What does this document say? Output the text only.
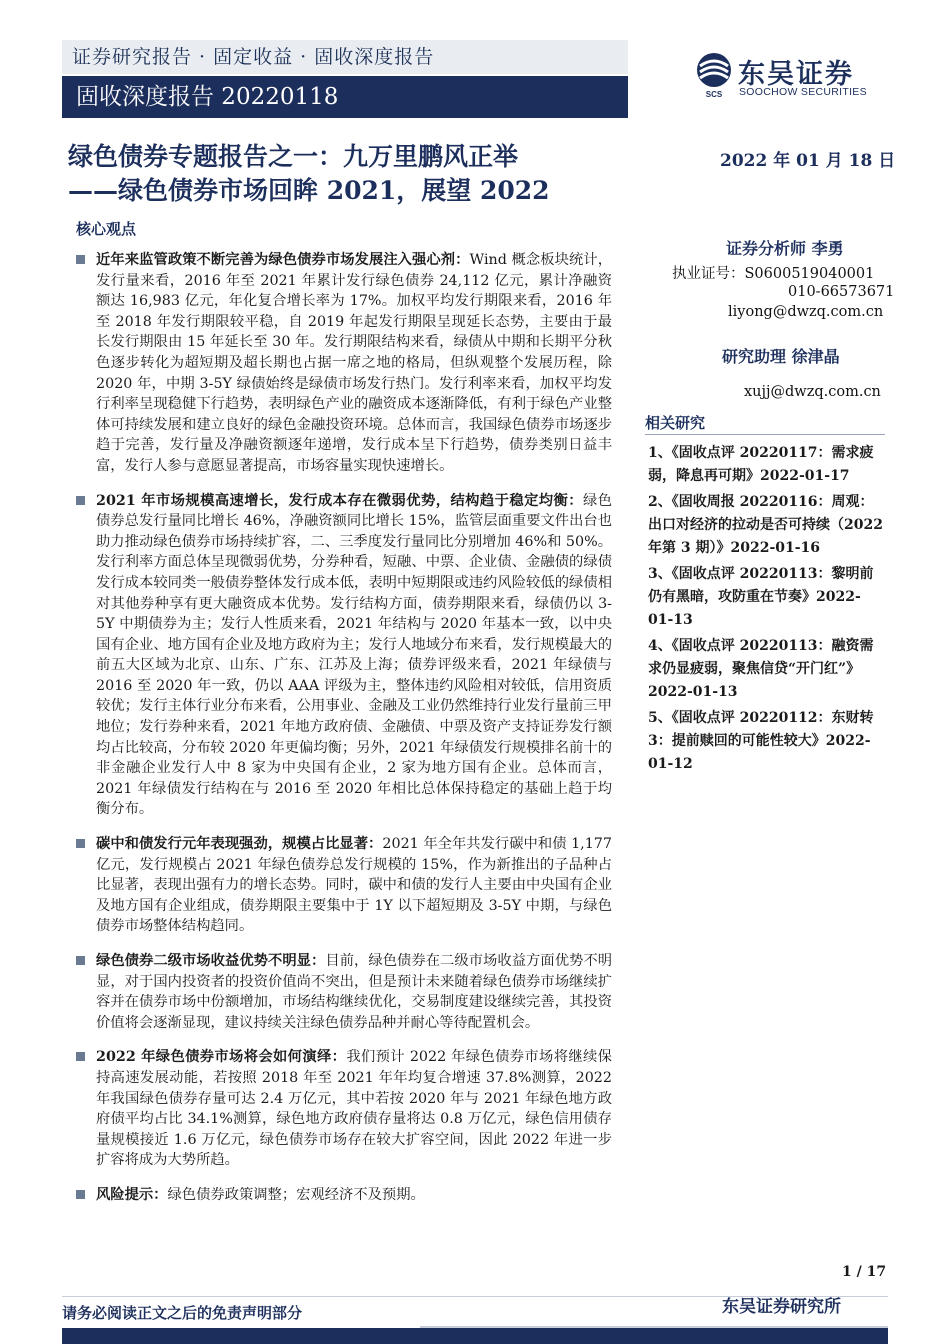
证券研究报告 · 固定收益 · 固收深度报告
固收深度报告 20220118	SCS
东吴证券
SOOCHOW SECURITIES
绿色债券专题报告之一：九万里鹏风正举
——绿色债券市场回眸 2021，展望 2022
2022 年 01 月 18 日
核心观点
证券分析师 李勇
执业证号：S0600519040001
010-66573671
liyong@dwzq.com.cn
研究助理 徐津晶
xujj@dwzq.com.cn
相关研究
1、《固收点评 20220117：需求疲弱，降息再可期》2022-01-17
2、《固收周报 20220116：周观：出口对经济的拉动是否可持续（2022 年第 3 期）》2022-01-16
3、《固收点评 20220113：黎明前仍有黑暗，攻防重在节奏》2022-01-13
4、《固收点评 20220113：融资需求仍显疲弱，聚焦信贷“开门红”》2022-01-13
5、《固收点评 20220112：东财转 3：提前赎回的可能性较大》2022-01-12
近年来监管政策不断完善为绿色债券市场发展注入强心剂：Wind 概念板块统计，发行量来看，2016 年至 2021 年累计发行绿色债券 24,112 亿元，累计净融资额达 16,983 亿元，年化复合增长率为 17%。加权平均发行期限来看，2016 年至 2018 年发行期限较平稳，自 2019 年起发行期限呈现延长态势，主要由于最长发行期限由 15 年延长至 30 年。发行期限结构来看，绿债从中期和长期平分秋色逐步转化为超短期及超长期也占据一席之地的格局，但纵观整个发展历程，除 2020 年，中期 3-5Y 绿债始终是绿债市场发行热门。发行利率来看，加权平均发行利率呈现稳健下行趋势，表明绿色产业的融资成本逐渐降低，有利于绿色产业整体可持续发展和建立良好的绿色金融投资环境。总体而言，我国绿色债券市场逐步趋于完善，发行量及净融资额逐年递增，发行成本呈下行趋势，债券类别日益丰富，发行人参与意愿显著提高，市场容量实现快速增长。
2021 年市场规模高速增长，发行成本存在微弱优势，结构趋于稳定均衡：绿色债券总发行量同比增长 46%，净融资额同比增长 15%，监管层面重要文件出台也助力推动绿色债券市场持续扩容，二、三季度发行量同比分别增加 46%和 50%。发行利率方面总体呈现微弱优势，分券种看，短融、中票、企业债、金融债的绿债发行成本较同类一般债券整体发行成本低，表明中短期限或违约风险较低的绿债相对其他券种享有更大融资成本优势。发行结构方面，债券期限来看，绿债仍以 3-5Y 中期债券为主；发行人性质来看，2021 年结构与 2020 年基本一致，以中央国有企业、地方国有企业及地方政府为主；发行人地域分布来看，发行规模最大的前五大区域为北京、山东、广东、江苏及上海；债券评级来看，2021 年绿债与 2016 至 2020 年一致，仍以 AAA 评级为主，整体违约风险相对较低，信用资质较优；发行主体行业分布来看，公用事业、金融及工业仍然维持行业发行量前三甲地位；发行券种来看，2021 年地方政府债、金融债、中票及资产支持证券发行额均占比较高，分布较 2020 年更偏均衡；另外，2021 年绿债发行规模排名前十的非金融企业发行人中 8 家为中央国有企业，2 家为地方国有企业。总体而言，2021 年绿债发行结构在与 2016 至 2020 年相比总体保持稳定的基础上趋于均衡分布。
碳中和债发行元年表现强劲，规模占比显著：2021 年全年共发行碳中和债 1,177 亿元，发行规模占 2021 年绿色债券总发行规模的 15%，作为新推出的子品种占比显著，表现出强有力的增长态势。同时，碳中和债的发行人主要由中央国有企业及地方国有企业组成，债券期限主要集中于 1Y 以下超短期及 3-5Y 中期，与绿色债券市场整体结构趋同。
绿色债券二级市场收益优势不明显：目前，绿色债券在二级市场收益方面优势不明显，对于国内投资者的投资价值尚不突出，但是预计未来随着绿色债券市场继续扩容并在债券市场中份额增加，市场结构继续优化，交易制度建设继续完善，其投资价值将会逐渐显现，建议持续关注绿色债券品种并耐心等待配置机会。
2022 年绿色债券市场将会如何演绎：我们预计 2022 年绿色债券市场将继续保持高速发展动能，若按照 2018 年至 2021 年年均复合增速 37.8%测算，2022 年我国绿色债券存量可达 2.4 万亿元，其中若按 2020 年与 2021 年绿色地方政府债平均占比 34.1%测算，绿色地方政府债存量将达 0.8 万亿元，绿色信用债存量规模接近 1.6 万亿元，绿色债券市场存在较大扩容空间，因此 2022 年进一步扩容将成为大势所趋。
风险提示：绿色债券政策调整；宏观经济不及预期。
1 / 17
请务必阅读正文之后的免责声明部分	东吴证券研究所
